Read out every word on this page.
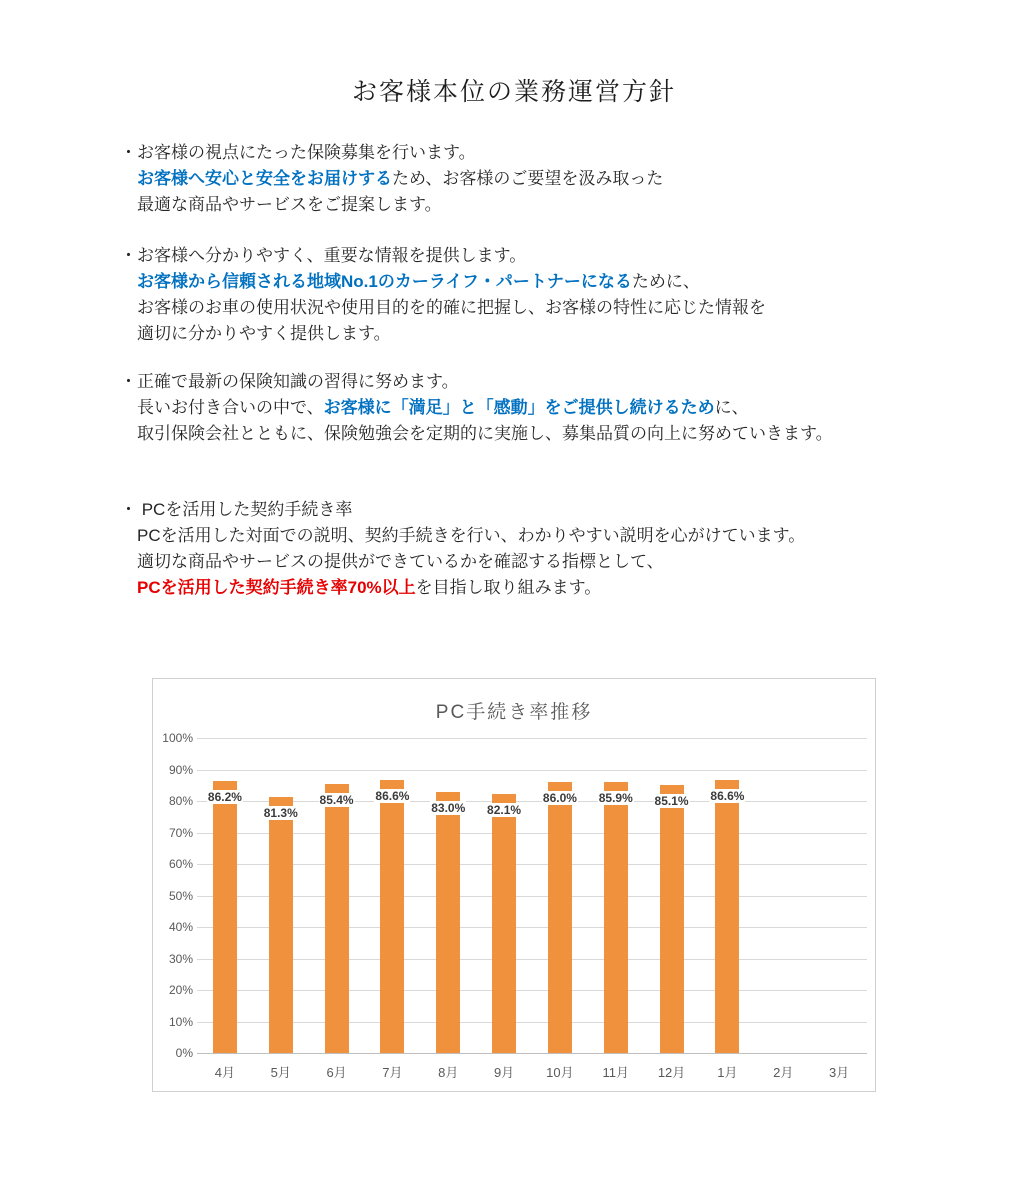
お客様本位の業務運営方針
・お客様の視点にたった保険募集を行います。
お客様へ安心と安全をお届けするため、お客様のご要望を汲み取った
最適な商品やサービスをご提案します。
・お客様へ分かりやすく、重要な情報を提供します。
お客様から信頼される地域No.1のカーライフ・パートナーになるために、
お客様のお車の使用状況や使用目的を的確に把握し、お客様の特性に応じた情報を
適切に分かりやすく提供します。
・正確で最新の保険知識の習得に努めます。
長いお付き合いの中で、お客様に「満足」と「感動」をご提供し続けるために、
取引保険会社とともに、保険勉強会を定期的に実施し、募集品質の向上に努めていきます。
・ PCを活用した契約手続き率
PCを活用した対面での説明、契約手続きを行い、わかりやすい説明を心がけています。
適切な商品やサービスの提供ができているかを確認する指標として、
PCを活用した契約手続き率70%以上を目指し取り組みます。
PC手続き率推移
100%
90%
80%
70%
60%
50%
40%
30%
20%
10%
0%
86.2%
81.3%
85.4%	86.6%
83.0%	82.1%
86.0%	85.9%	85.1%	86.6%
4月	5月	6月	7月	8月	9月	10月	11月	12月	1月	2月	3月
